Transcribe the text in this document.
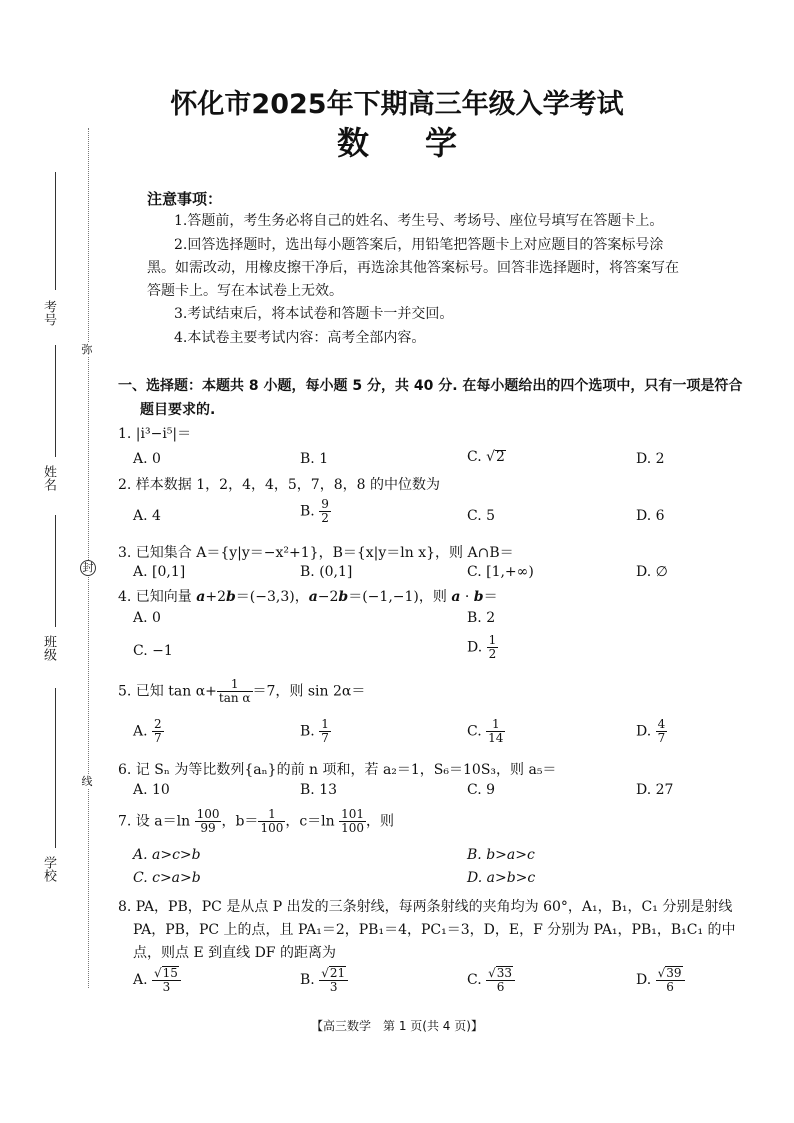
怀化市2025年下期高三年级入学考试
数学
考号
姓名
班级
学校
弥
封
线
注意事项：
1.答题前，考生务必将自己的姓名、考生号、考场号、座位号填写在答题卡上。
2.回答选择题时，选出每小题答案后，用铅笔把答题卡上对应题目的答案标号涂
黑。如需改动，用橡皮擦干净后，再选涂其他答案标号。回答非选择题时，将答案写在
答题卡上。写在本试卷上无效。
3.考试结束后，将本试卷和答题卡一并交回。
4.本试卷主要考试内容：高考全部内容。
一、选择题：本题共 8 小题，每小题 5 分，共 40 分. 在每小题给出的四个选项中，只有一项是符合
题目要求的.
1. |i³−i⁵|＝
A. 0	B. 1	C. √2	D. 2
2. 样本数据 1，2，4，4，5，7，8，8 的中位数为
A. 4	B. $\frac{9}{2}$	C. 5	D. 6
3. 已知集合 A＝{y|y＝−x²+1}，B＝{x|y＝ln x}，则 A∩B＝
A. [0,1]	B. (0,1]	C. [1,+∞)	D. ∅
4. 已知向量 a+2b＝(−3,3)，a−2b＝(−1,−1)，则 a · b＝
A. 0	B. 2
C. −1	D. $\frac{1}{2}$
5. 已知 $\tan \alpha+ \frac{1}{\text{tan α}} =7$，则 sin 2α＝
A. $\frac{2}{7}$	B. $\frac{1}{7}$	C. $\frac{1}{14}$	D. $\frac{4}{7}$
6. 记 Sₙ 为等比数列{aₙ}的前 n 项和，若 a₂＝1，S₆＝10S₃，则 a₅＝
A. 10	B. 13	C. 9	D. 27
7. 设 $a=\ln \frac{100}{99}$ ，$b= \frac{1}{100}$ ，$c=\ln \frac{101}{100}$ ，则
A. a>c>b	B. b>a>c
C. c>a>b	D. a>b>c
8. PA，PB，PC 是从点 P 出发的三条射线，每两条射线的夹角均为 60°，A₁，B₁，C₁ 分别是射线
PA，PB，PC 上的点，且 PA₁＝2，PB₁＝4，PC₁＝3，D，E，F 分别为 PA₁，PB₁，B₁C₁ 的中
点，则点 E 到直线 DF 的距离为
A. $\frac{√15}{3}$	B. $\frac{√21}{3}$	C. $\frac{√33}{6}$	D. $\frac{√39}{6}$
【高三数学　第 1 页(共 4 页)】
